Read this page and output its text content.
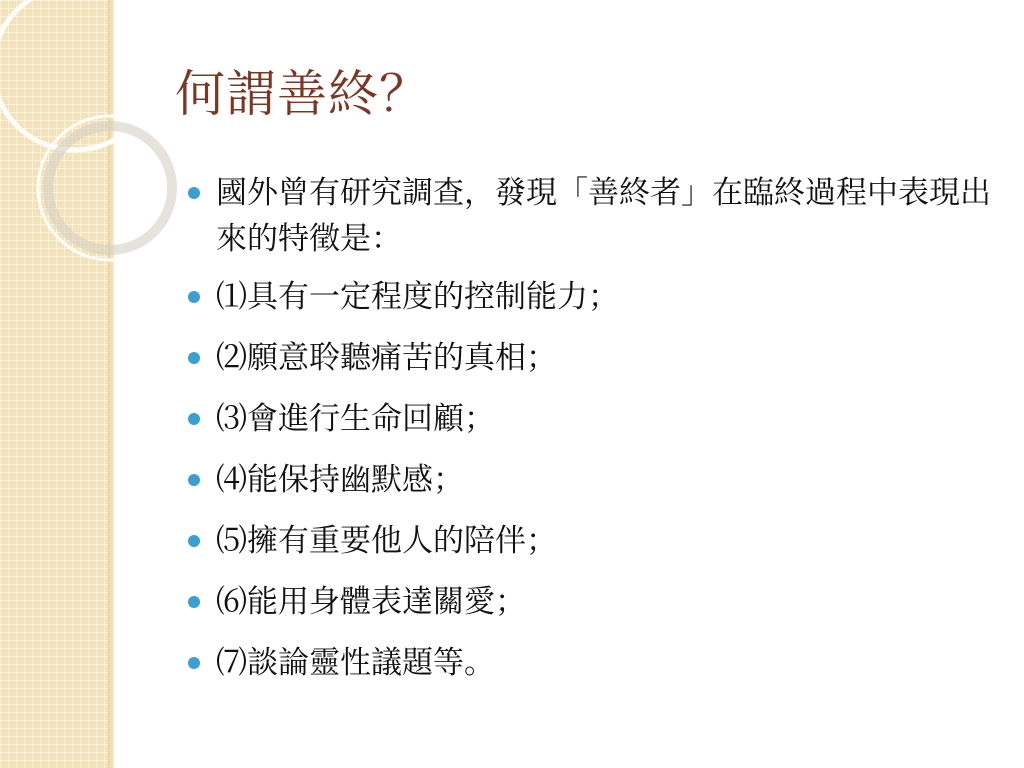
何謂善終？
國外曾有研究調查，發現「善終者」在臨終過程中表現出來的特徵是：
⑴具有一定程度的控制能力；
⑵願意聆聽痛苦的真相；
⑶會進行生命回顧；
⑷能保持幽默感；
⑸擁有重要他人的陪伴；
⑹能用身體表達關愛；
⑺談論靈性議題等。
